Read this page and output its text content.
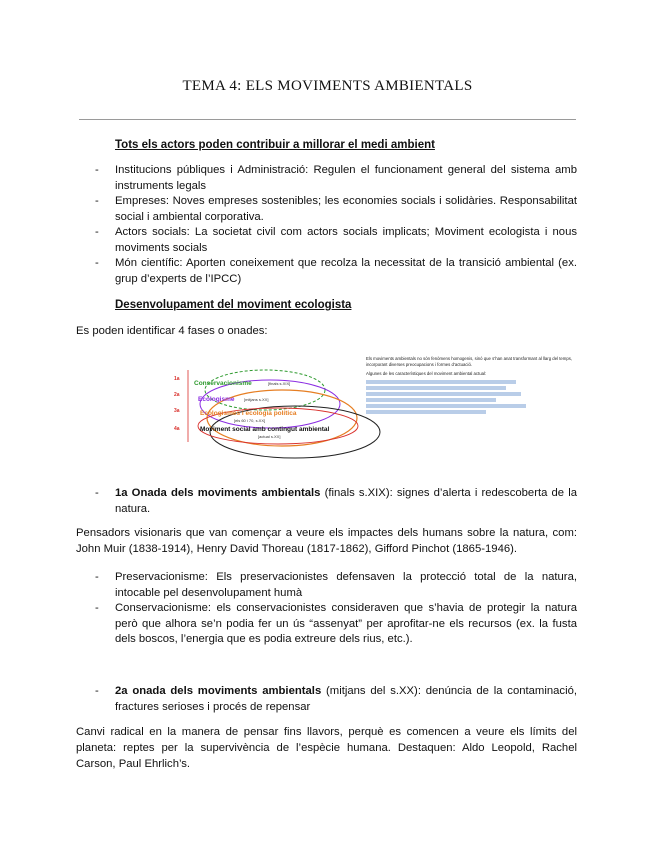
TEMA 4: ELS MOVIMENTS AMBIENTALS
Tots els actors poden contribuir a millorar el medi ambient
- Institucions públiques i Administració: Regulen el funcionament general del sistema amb instruments legals
- Empreses: Noves empreses sostenibles; les economies socials i solidàries. Responsabilitat social i ambiental corporativa.
- Actors socials: La societat civil com actors socials implicats; Moviment ecologista i nous moviments socials
- Món científic: Aporten coneixement que recolza la necessitat de la transició ambiental (ex. grup d’experts de l’IPCC)
Desenvolupament del moviment ecologista
Es poden identificar 4 fases o onades:
1a
2a
3a
4a
Conservacionisme	[finals s.XIX]
Ecologisme [mitjans s.XX]
Ecologismes i ecologia política
[els 60 i 70, s.XX]
Moviment social amb contingut ambiental
[actual s.XX]
Els moviments ambientals no són fenòmens homogenis, sinó que s’han anat transformant al llarg del temps, incorporant diverses preocupacions i formes d’actuació.
Algunes de les característiques del moviment ambiental actual:
- 1a Onada dels moviments ambientals (finals s.XIX): signes d’alerta i redescoberta de la natura.
Pensadors visionaris que van començar a veure els impactes dels humans sobre la natura, com: John Muir (1838-1914), Henry David Thoreau (1817-1862), Gifford Pinchot (1865-1946).
- Preservacionisme: Els preservacionistes defensaven la protecció total de la natura, intocable pel desenvolupament humà
- Conservacionisme: els conservacionistes consideraven que s’havia de protegir la natura però que alhora se’n podia fer un ús “assenyat” per aprofitar-ne els recursos (ex. la fusta dels boscos, l’energia que es podia extreure dels rius, etc.).
- 2a onada dels moviments ambientals (mitjans del s.XX): denúncia de la contaminació, fractures serioses i procés de repensar
Canvi radical en la manera de pensar fins llavors, perquè es comencen a veure els límits del planeta: reptes per la supervivència de l’espècie humana. Destaquen: Aldo Leopold, Rachel Carson, Paul Ehrlich’s.
